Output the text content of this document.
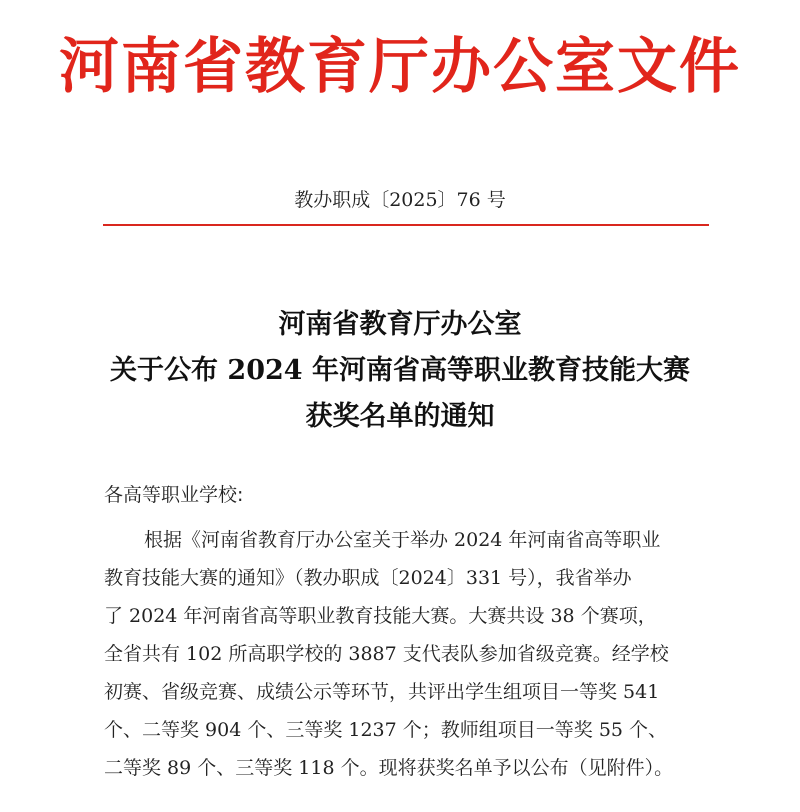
河南省教育厅办公室文件
教办职成〔2025〕76 号
河南省教育厅办公室
关于公布 2024 年河南省高等职业教育技能大赛
获奖名单的通知
各高等职业学校:
根据《河南省教育厅办公室关于举办 2024 年河南省高等职业
教育技能大赛的通知》（教办职成〔2024〕331 号），我省举办
了 2024 年河南省高等职业教育技能大赛。大赛共设 38 个赛项，
全省共有 102 所高职学校的 3887 支代表队参加省级竞赛。经学校
初赛、省级竞赛、成绩公示等环节，共评出学生组项目一等奖 541
个、二等奖 904 个、三等奖 1237 个；教师组项目一等奖 55 个、
二等奖 89 个、三等奖 118 个。现将获奖名单予以公布（见附件）。
